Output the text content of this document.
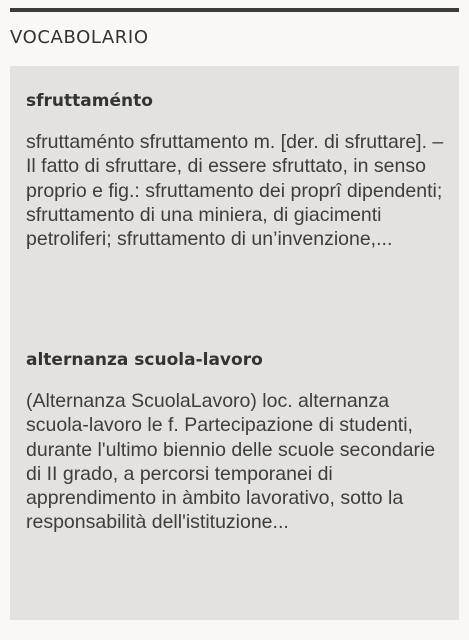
VOCABOLARIO
sfruttaménto

sfruttaménto sfruttamento m. [der. di sfruttare]. – Il fatto di sfruttare, di essere sfruttato, in senso proprio e fig.: sfruttamento dei proprî dipendenti; sfruttamento di una miniera, di giacimenti petroliferi; sfruttamento di un’invenzione,...

alternanza scuola-lavoro

(Alternanza ScuolaLavoro) loc. alternanza scuola-lavoro le f. Partecipazione di studenti, durante l'ultimo biennio delle scuole secondarie di II grado, a percorsi temporanei di apprendimento in àmbito lavorativo, sotto la responsabilità dell'istituzione...
